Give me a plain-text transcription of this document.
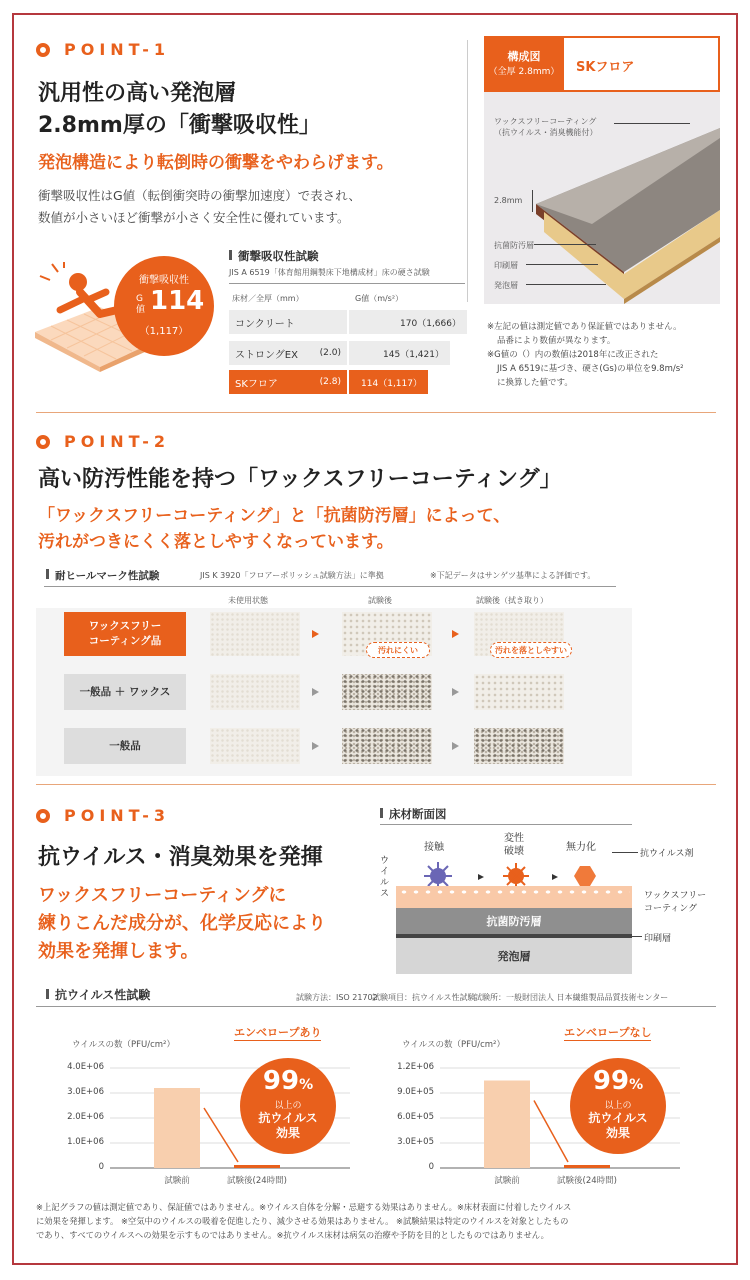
POINT-1
汎用性の高い発泡層
2.8mm厚の「衝撃吸収性」
発泡構造により転倒時の衝撃をやわらげます。
衝撃吸収性はG値（転倒衝突時の衝撃加速度）で表され、
数値が小さいほど衝撃が小さく安全性に優れています。
衝撃吸収性
G
値 114
（1,117）
衝撃吸収性試験
JIS A 6519「体育館用鋼製床下地構成材」床の硬さ試験
床材／全厚（mm）	G値（m/s²）
コンクリート	170（1,666）
ストロングEX (2.0)	145（1,421）
SKフロア	(2.8)	114（1,117）
構成図
（全厚 2.8mm）	SKフロア
ワックスフリーコーティング
（抗ウイルス・消臭機能付）
2.8mm
抗菌防汚層
印刷層
発泡層
※左記の値は測定値であり保証値ではありません。
品番により数値が異なります。
※G値の（）内の数値は2018年に改正された
JIS A 6519に基づき、硬さ(Gs)の単位を9.8m/s²
に換算した値です。
POINT-2
高い防汚性能を持つ「ワックスフリーコーティング」
「ワックスフリーコーティング」と「抗菌防汚層」によって、
汚れがつきにくく落としやすくなっています。
耐ヒールマーク性試験	JIS K 3920「フロアーポリッシュ試験方法」に準拠	※下記データはサンゲツ基準による評価です。
未使用状態	試験後	試験後（拭き取り）
ワックスフリー
コーティング品
汚れにくい	汚れを落としやすい
一般品 ＋ ワックス
一般品
POINT-3
抗ウイルス・消臭効果を発揮
ワックスフリーコーティングに
練りこんだ成分が、化学反応により
効果を発揮します。
床材断面図
接触
変性
破壊	無力化
ウイルス
抗菌防汚層
発泡層
抗ウイルス剤
ワックスフリー
コーティング
印刷層
抗ウイルス性試験	試験方法：ISO 21702
試験項目：抗ウイルス性試験
試験所：一般財団法人 日本繊維製品品質技術センター
0
1.0E+06
2.0E+06
3.0E+06
4.0E+06
試験前	試験後(24時間)
ウイルスの数（PFU/cm²）
エンベロープあり
99%
以上の
抗ウイルス
効果
0
3.0E+05
6.0E+05
9.0E+05
1.2E+06
試験前	試験後(24時間)
ウイルスの数（PFU/cm²）
エンベロープなし
99%
以上の
抗ウイルス
効果
※上記グラフの値は測定値であり、保証値ではありません。※ウイルス自体を分解・忌避する効果はありません。※床材表面に付着したウイルス
に効果を発揮します。 ※空気中のウイルスの吸着を促進したり、減少させる効果はありません。 ※試験結果は特定のウイルスを対象としたもの
であり、すべてのウイルスへの効果を示すものではありません。※抗ウイルス床材は病気の治療や予防を目的としたものではありません。
